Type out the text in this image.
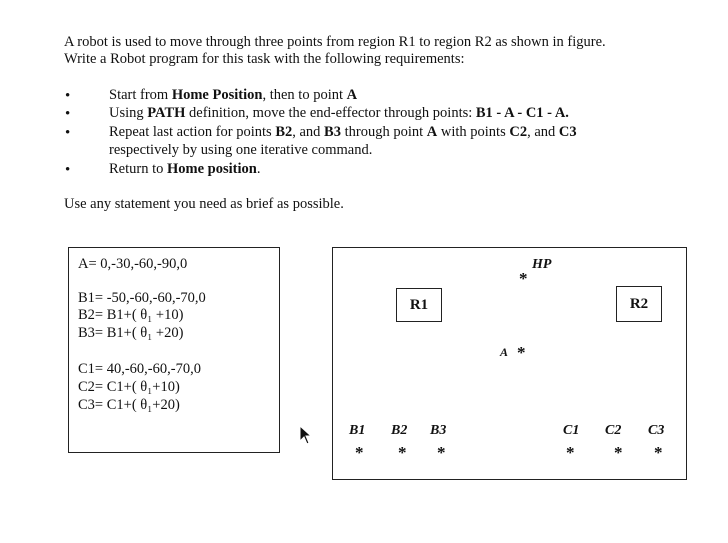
A robot is used to move through three points from region R1 to region R2 as shown in figure.
Write a Robot program for this task with the following requirements:
•	Start from Home Position, then to point A
•	Using PATH definition, move the end-effector through points: B1 - A - C1 - A.
•	Repeat last action for points B2, and B3 through point A with points C2, and C3
respectively by using one iterative command.
•	Return to Home position.
Use any statement you need as brief as possible.
A= 0,-30,-60,-90,0
B1= -50,-60,-60,-70,0
B2= B1+( θ₁ +10)
B3= B1+( θ₁ +20)
C1= 40,-60,-60,-70,0
C2= C1+( θ₁+10)
C3= C1+( θ₁+20)
R1	R2
HP
*
A *
B1 B2 B3
* * *
C1 C2 C3
* * *
